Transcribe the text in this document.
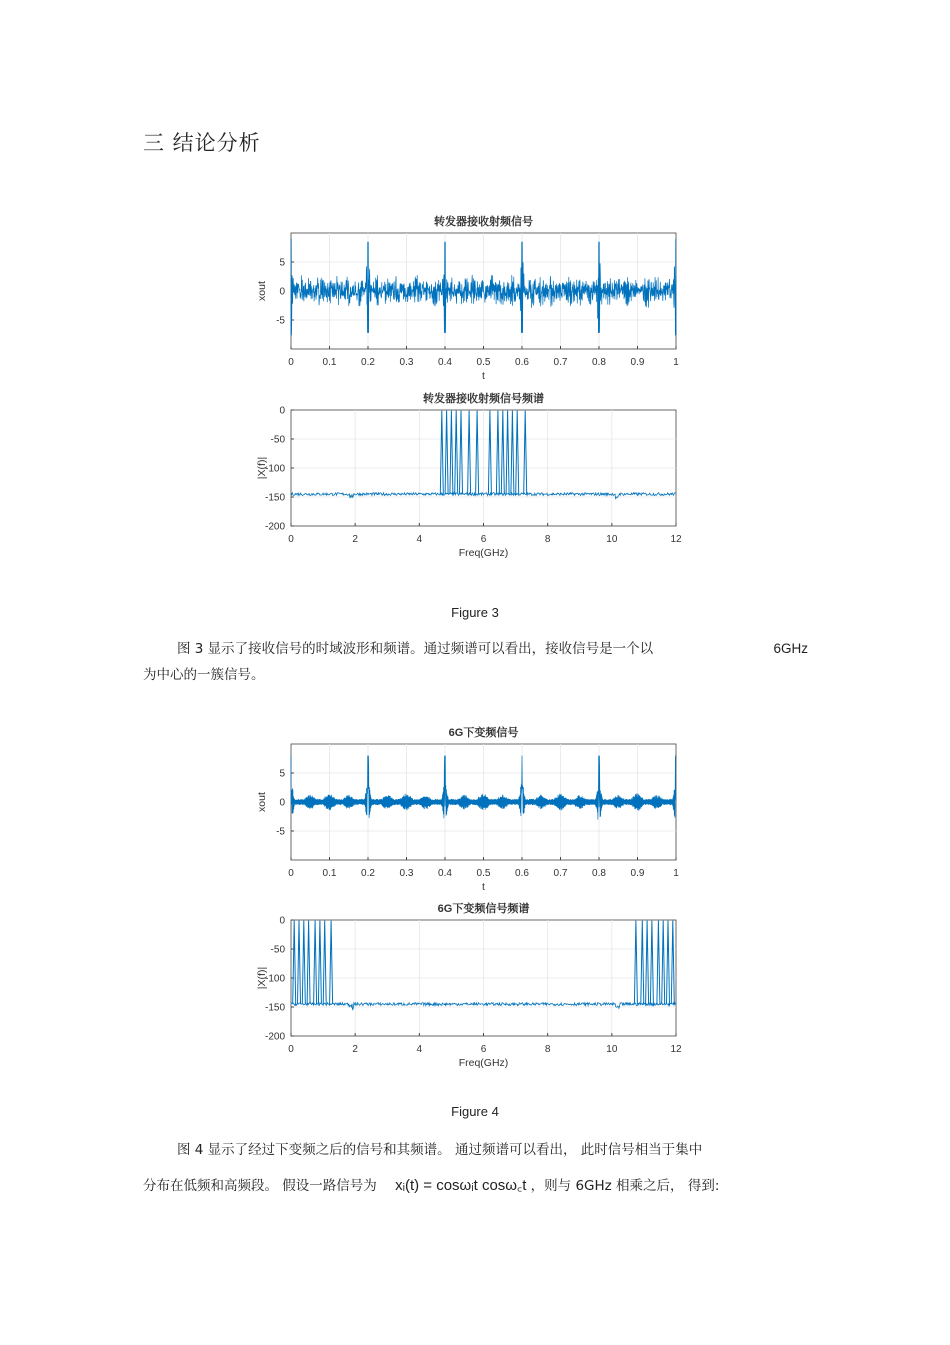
三 结论分析
转发器接收射频信号
0	0.1 0.2 0.3 0.4 0.5 0.6 0.7 0.8 0.9	1
t
5
0
-5
xout
转发器接收射频信号频谱
0	2	4	6	8	10	12
Freq(GHz)
0
-50
-100
-150
-200
|X(f)|
Figure 3
图 3 显示了接收信号的时域波形和频谱。通过频谱可以看出，接收信号是一个以	6GHz
为中心的一簇信号。
6G下变频信号
0	0.1 0.2 0.3 0.4 0.5 0.6 0.7 0.8 0.9	1
t
5
0
-5
xout
6G下变频信号频谱
0	2	4	6	8	10	12
Freq(GHz)
0
-50
-100
-150
-200
|X(f)|
Figure 4
图 4 显示了经过下变频之后的信号和其频谱。 通过频谱可以看出， 此时信号相当于集中
分布在低频和高频段。 假设一路信号为 xᵢ(t) = cosωᵢt cosω꜀t ，则与 6GHz 相乘之后， 得到:
